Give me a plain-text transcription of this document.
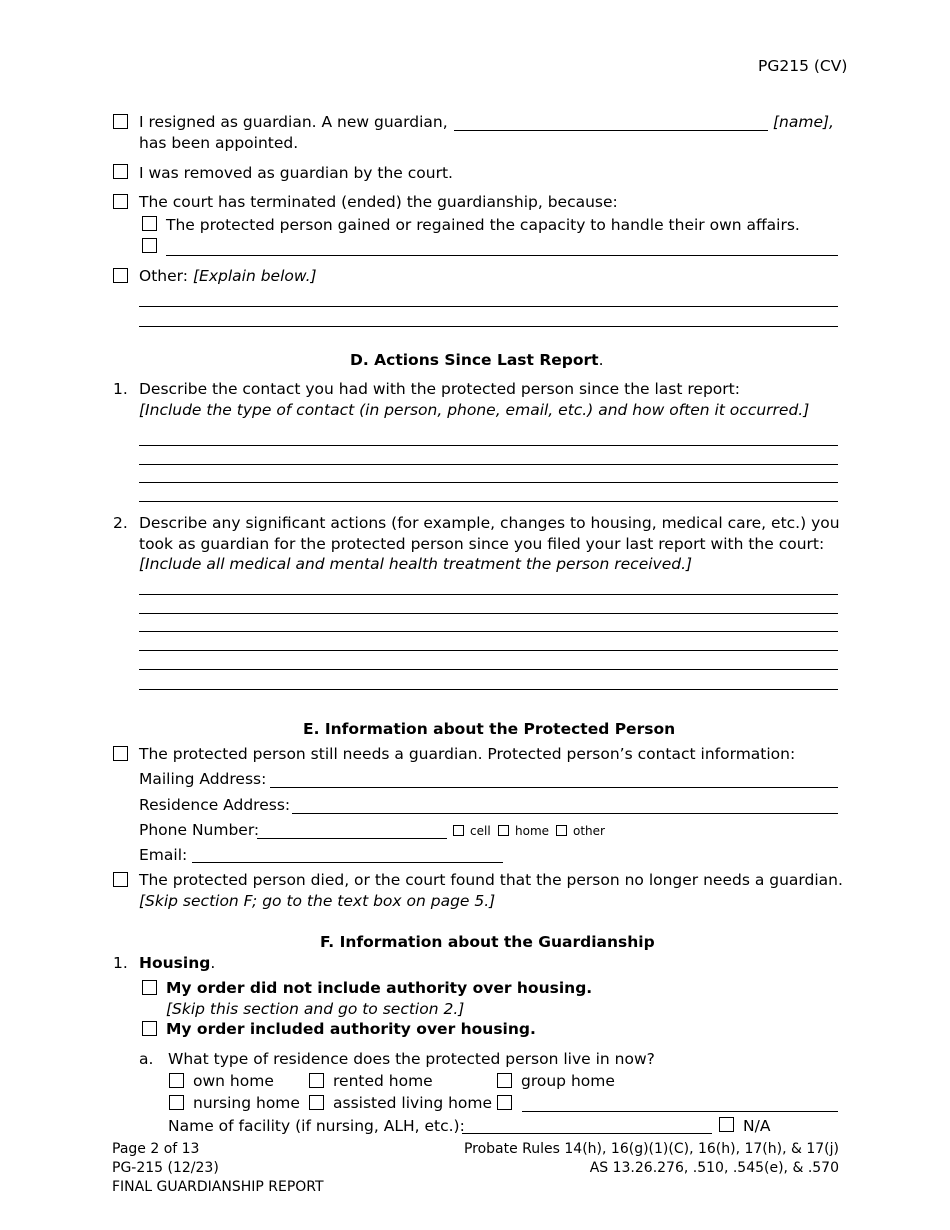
PG215 (CV)
I resigned as guardian. A new guardian,	[name],
has been appointed.
I was removed as guardian by the court.
The court has terminated (ended) the guardianship, because:
The protected person gained or regained the capacity to handle their own affairs.
Other: [Explain below.]
D. Actions Since Last Report.
1. Describe the contact you had with the protected person since the last report:
[Include the type of contact (in person, phone, email, etc.) and how often it occurred.]
2. Describe any significant actions (for example, changes to housing, medical care, etc.) you
took as guardian for the protected person since you filed your last report with the court:
[Include all medical and mental health treatment the person received.]
E. Information about the Protected Person
The protected person still needs a guardian. Protected person’s contact information:
Mailing Address:
Residence Address:
Phone Number:	cell home other
Email:
The protected person died, or the court found that the person no longer needs a guardian.
[Skip section F; go to the text box on page 5.]
F. Information about the Guardianship
1. Housing.
My order did not include authority over housing.
[Skip this section and go to section 2.]
My order included authority over housing.
a. What type of residence does the protected person live in now?
own home	rented home	group home
nursing home assisted living home
Name of facility (if nursing, ALH, etc.):	N/A
Page 2 of 13
PG-215 (12/23)
FINAL GUARDIANSHIP REPORT
Probate Rules 14(h), 16(g)(1)(C), 16(h), 17(h), & 17(j)
AS 13.26.276, .510, .545(e), & .570
